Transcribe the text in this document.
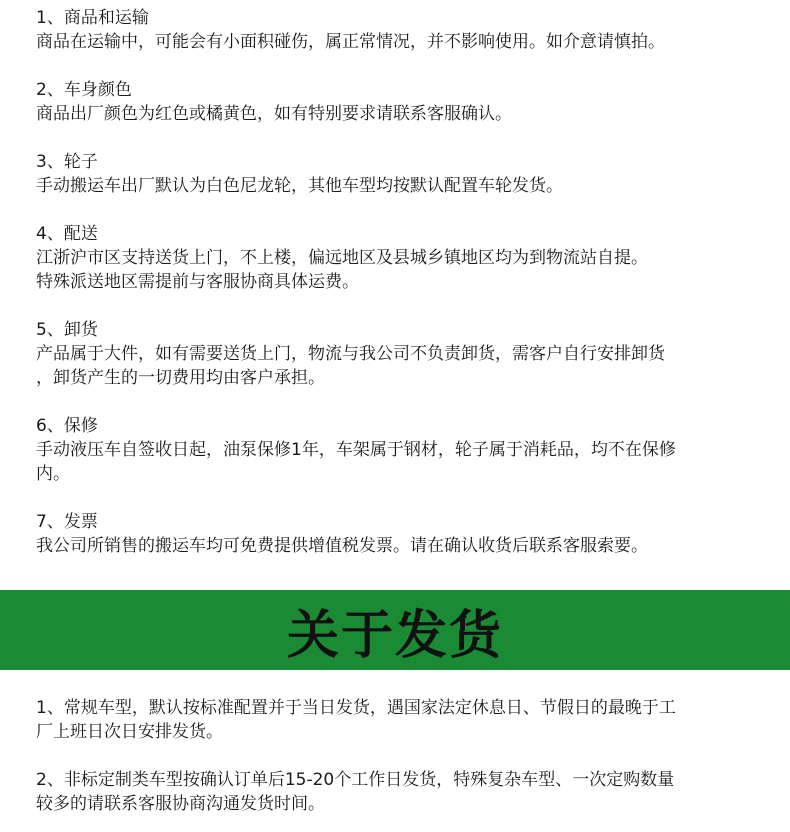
1、商品和运输
商品在运输中，可能会有小面积碰伤，属正常情况，并不影响使用。如介意请慎拍。
2、车身颜色
商品出厂颜色为红色或橘黄色，如有特别要求请联系客服确认。
3、轮子
手动搬运车出厂默认为白色尼龙轮，其他车型均按默认配置车轮发货。
4、配送
江浙沪市区支持送货上门，不上楼，偏远地区及县城乡镇地区均为到物流站自提。
特殊派送地区需提前与客服协商具体运费。
5、卸货
产品属于大件，如有需要送货上门，物流与我公司不负责卸货，需客户自行安排卸货
，卸货产生的一切费用均由客户承担。
6、保修
手动液压车自签收日起，油泵保修1年，车架属于钢材，轮子属于消耗品，均不在保修
内。
7、发票
我公司所销售的搬运车均可免费提供增值税发票。请在确认收货后联系客服索要。
关于发货
1、常规车型，默认按标准配置并于当日发货，遇国家法定休息日、节假日的最晚于工
厂上班日次日安排发货。
2、非标定制类车型按确认订单后15-20个工作日发货，特殊复杂车型、一次定购数量
较多的请联系客服协商沟通发货时间。
